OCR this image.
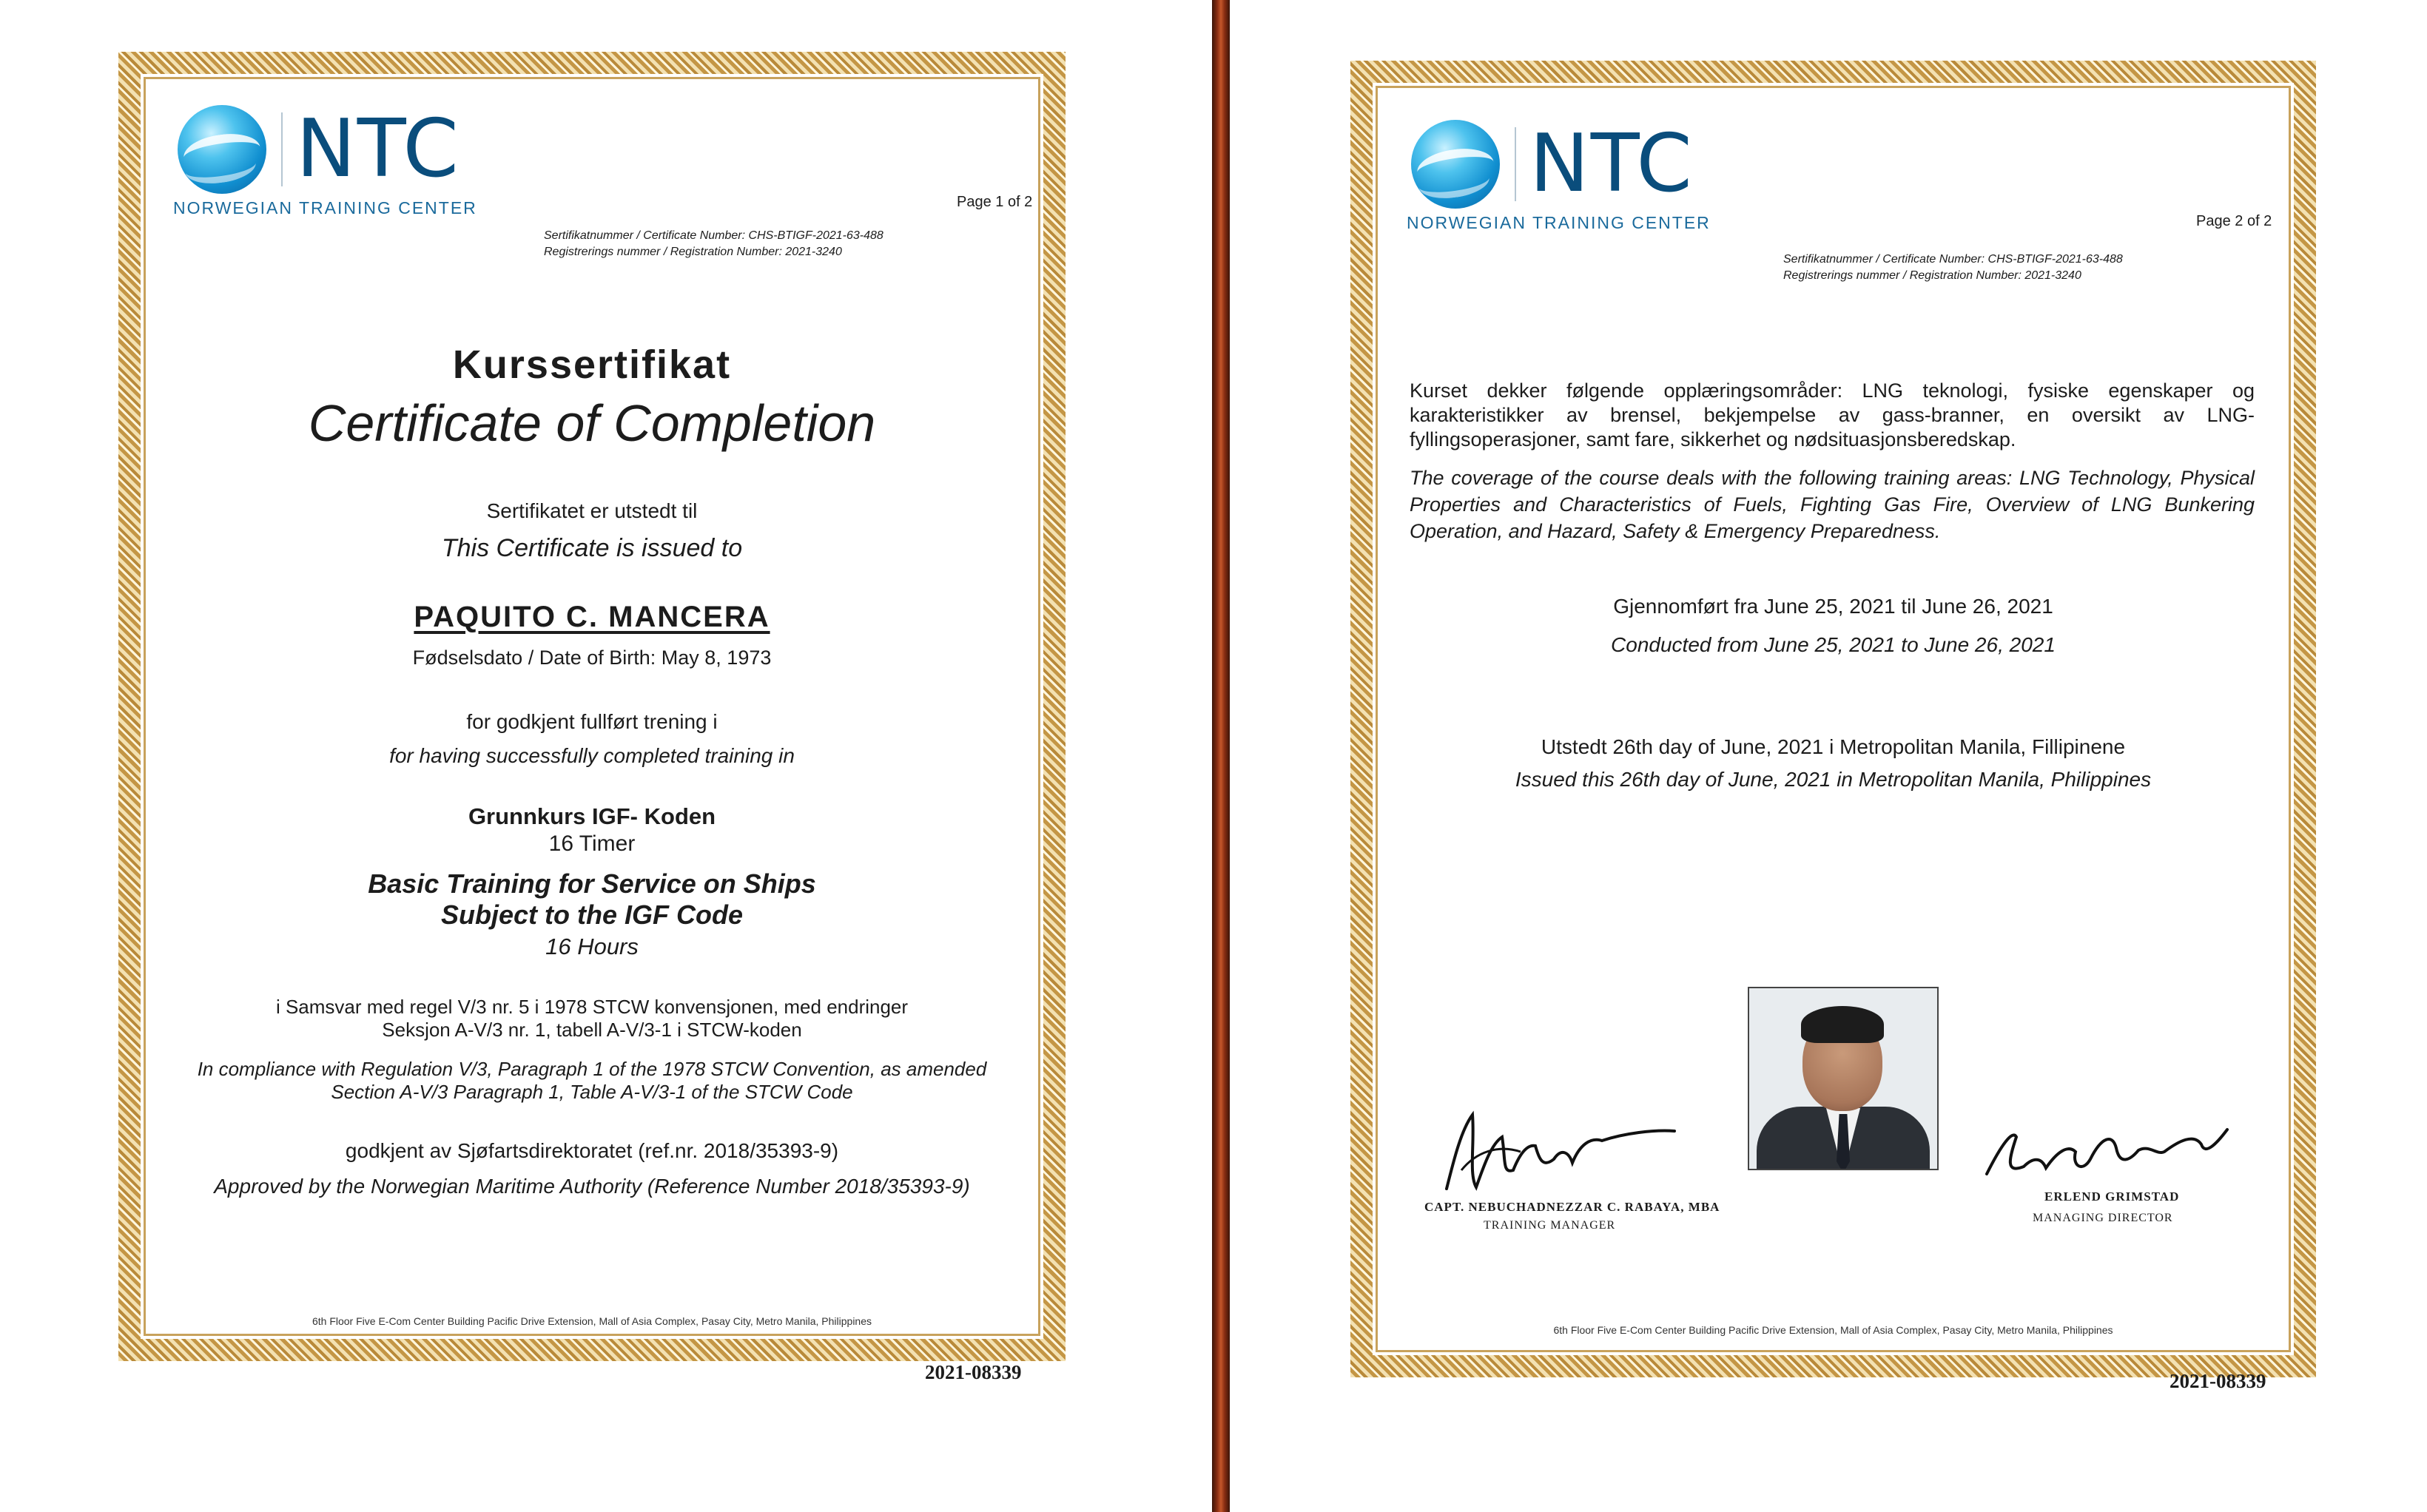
NTC
NORWEGIAN TRAINING CENTER	Page 1 of 2
Sertifikatnummer / Certificate Number: CHS-BTIGF-2021-63-488
Registrerings nummer / Registration Number: 2021-3240
Kurssertifikat
Certificate of Completion
Sertifikatet er utstedt til
This Certificate is issued to
PAQUITO C. MANCERA
Fødselsdato / Date of Birth: May 8, 1973
for godkjent fullført trening i
for having successfully completed training in
Grunnkurs IGF- Koden
16 Timer
Basic Training for Service on Ships
Subject to the IGF Code
16 Hours
i Samsvar med regel V/3 nr. 5 i 1978 STCW konvensjonen, med endringer
Seksjon A-V/3 nr. 1, tabell A-V/3-1 i STCW-koden
In compliance with Regulation V/3, Paragraph 1 of the 1978 STCW Convention, as amended
Section A-V/3 Paragraph 1, Table A-V/3-1 of the STCW Code
godkjent av Sjøfartsdirektoratet (ref.nr. 2018/35393-9)
Approved by the Norwegian Maritime Authority (Reference Number 2018/35393-9)
6th Floor Five E-Com Center Building Pacific Drive Extension, Mall of Asia Complex, Pasay City, Metro Manila, Philippines
2021-08339
NTC
NORWEGIAN TRAINING CENTER	Page 2 of 2
Sertifikatnummer / Certificate Number: CHS-BTIGF-2021-63-488
Registrerings nummer / Registration Number: 2021-3240
Kurset dekker følgende opplæringsområder: LNG teknologi, fysiske egenskaper og karakteristikker av brensel, bekjempelse av gass-branner, en oversikt av LNG-fyllingsoperasjoner, samt fare, sikkerhet og nødsituasjonsberedskap.
The coverage of the course deals with the following training areas: LNG Technology, Physical Properties and Characteristics of Fuels, Fighting Gas Fire, Overview of LNG Bunkering Operation, and Hazard, Safety & Emergency Preparedness.
Gjennomført fra June 25, 2021 til June 26, 2021
Conducted from June 25, 2021 to June 26, 2021
Utstedt 26th day of June, 2021 i Metropolitan Manila, Fillipinene
Issued this 26th day of June, 2021 in Metropolitan Manila, Philippines
CAPT. NEBUCHADNEZZAR C. RABAYA, MBA
TRAINING MANAGER
ERLEND GRIMSTAD
MANAGING DIRECTOR
6th Floor Five E-Com Center Building Pacific Drive Extension, Mall of Asia Complex, Pasay City, Metro Manila, Philippines
2021-08339
